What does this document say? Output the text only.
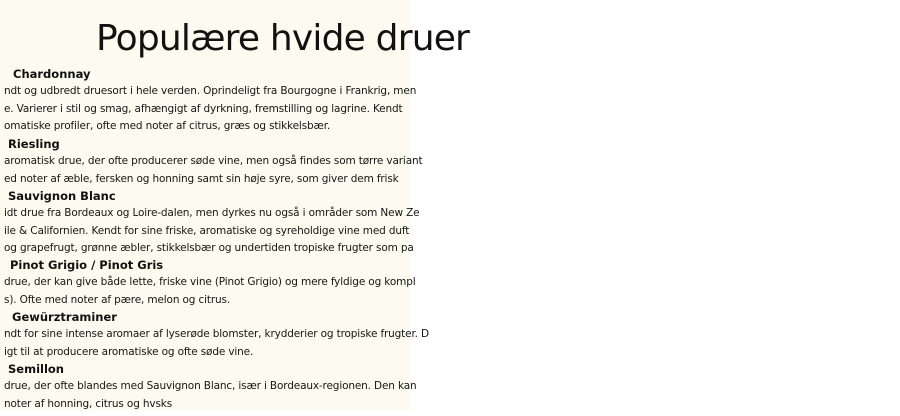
Populære hvide druer
Chardonnay
ndt og udbredt druesort i hele verden. Oprindeligt fra Bourgogne i Frankrig, men
e. Varierer i stil og smag, afhængigt af dyrkning, fremstilling og lagrine. Kendt
omatiske profiler, ofte med noter af citrus, græs og stikkelsbær.
Riesling
aromatisk drue, der ofte producerer søde vine, men også findes som tørre variant
ed noter af æble, fersken og honning samt sin høje syre, som giver dem frisk
Sauvignon Blanc
idt drue fra Bordeaux og Loire-dalen, men dyrkes nu også i områder som New Ze
ile & Californien. Kendt for sine friske, aromatiske og syreholdige vine med duft
og grapefrugt, grønne æbler, stikkelsbær og undertiden tropiske frugter som pa
Pinot Grigio / Pinot Gris
drue, der kan give både lette, friske vine (Pinot Grigio) og mere fyldige og kompl
s). Ofte med noter af pære, melon og citrus.
Gewürztraminer
ndt for sine intense aromaer af lyserøde blomster, krydderier og tropiske frugter. D
igt til at producere aromatiske og ofte søde vine.
Semillon
drue, der ofte blandes med Sauvignon Blanc, især i Bordeaux-regionen. Den kan
noter af honning, citrus og hvsks
